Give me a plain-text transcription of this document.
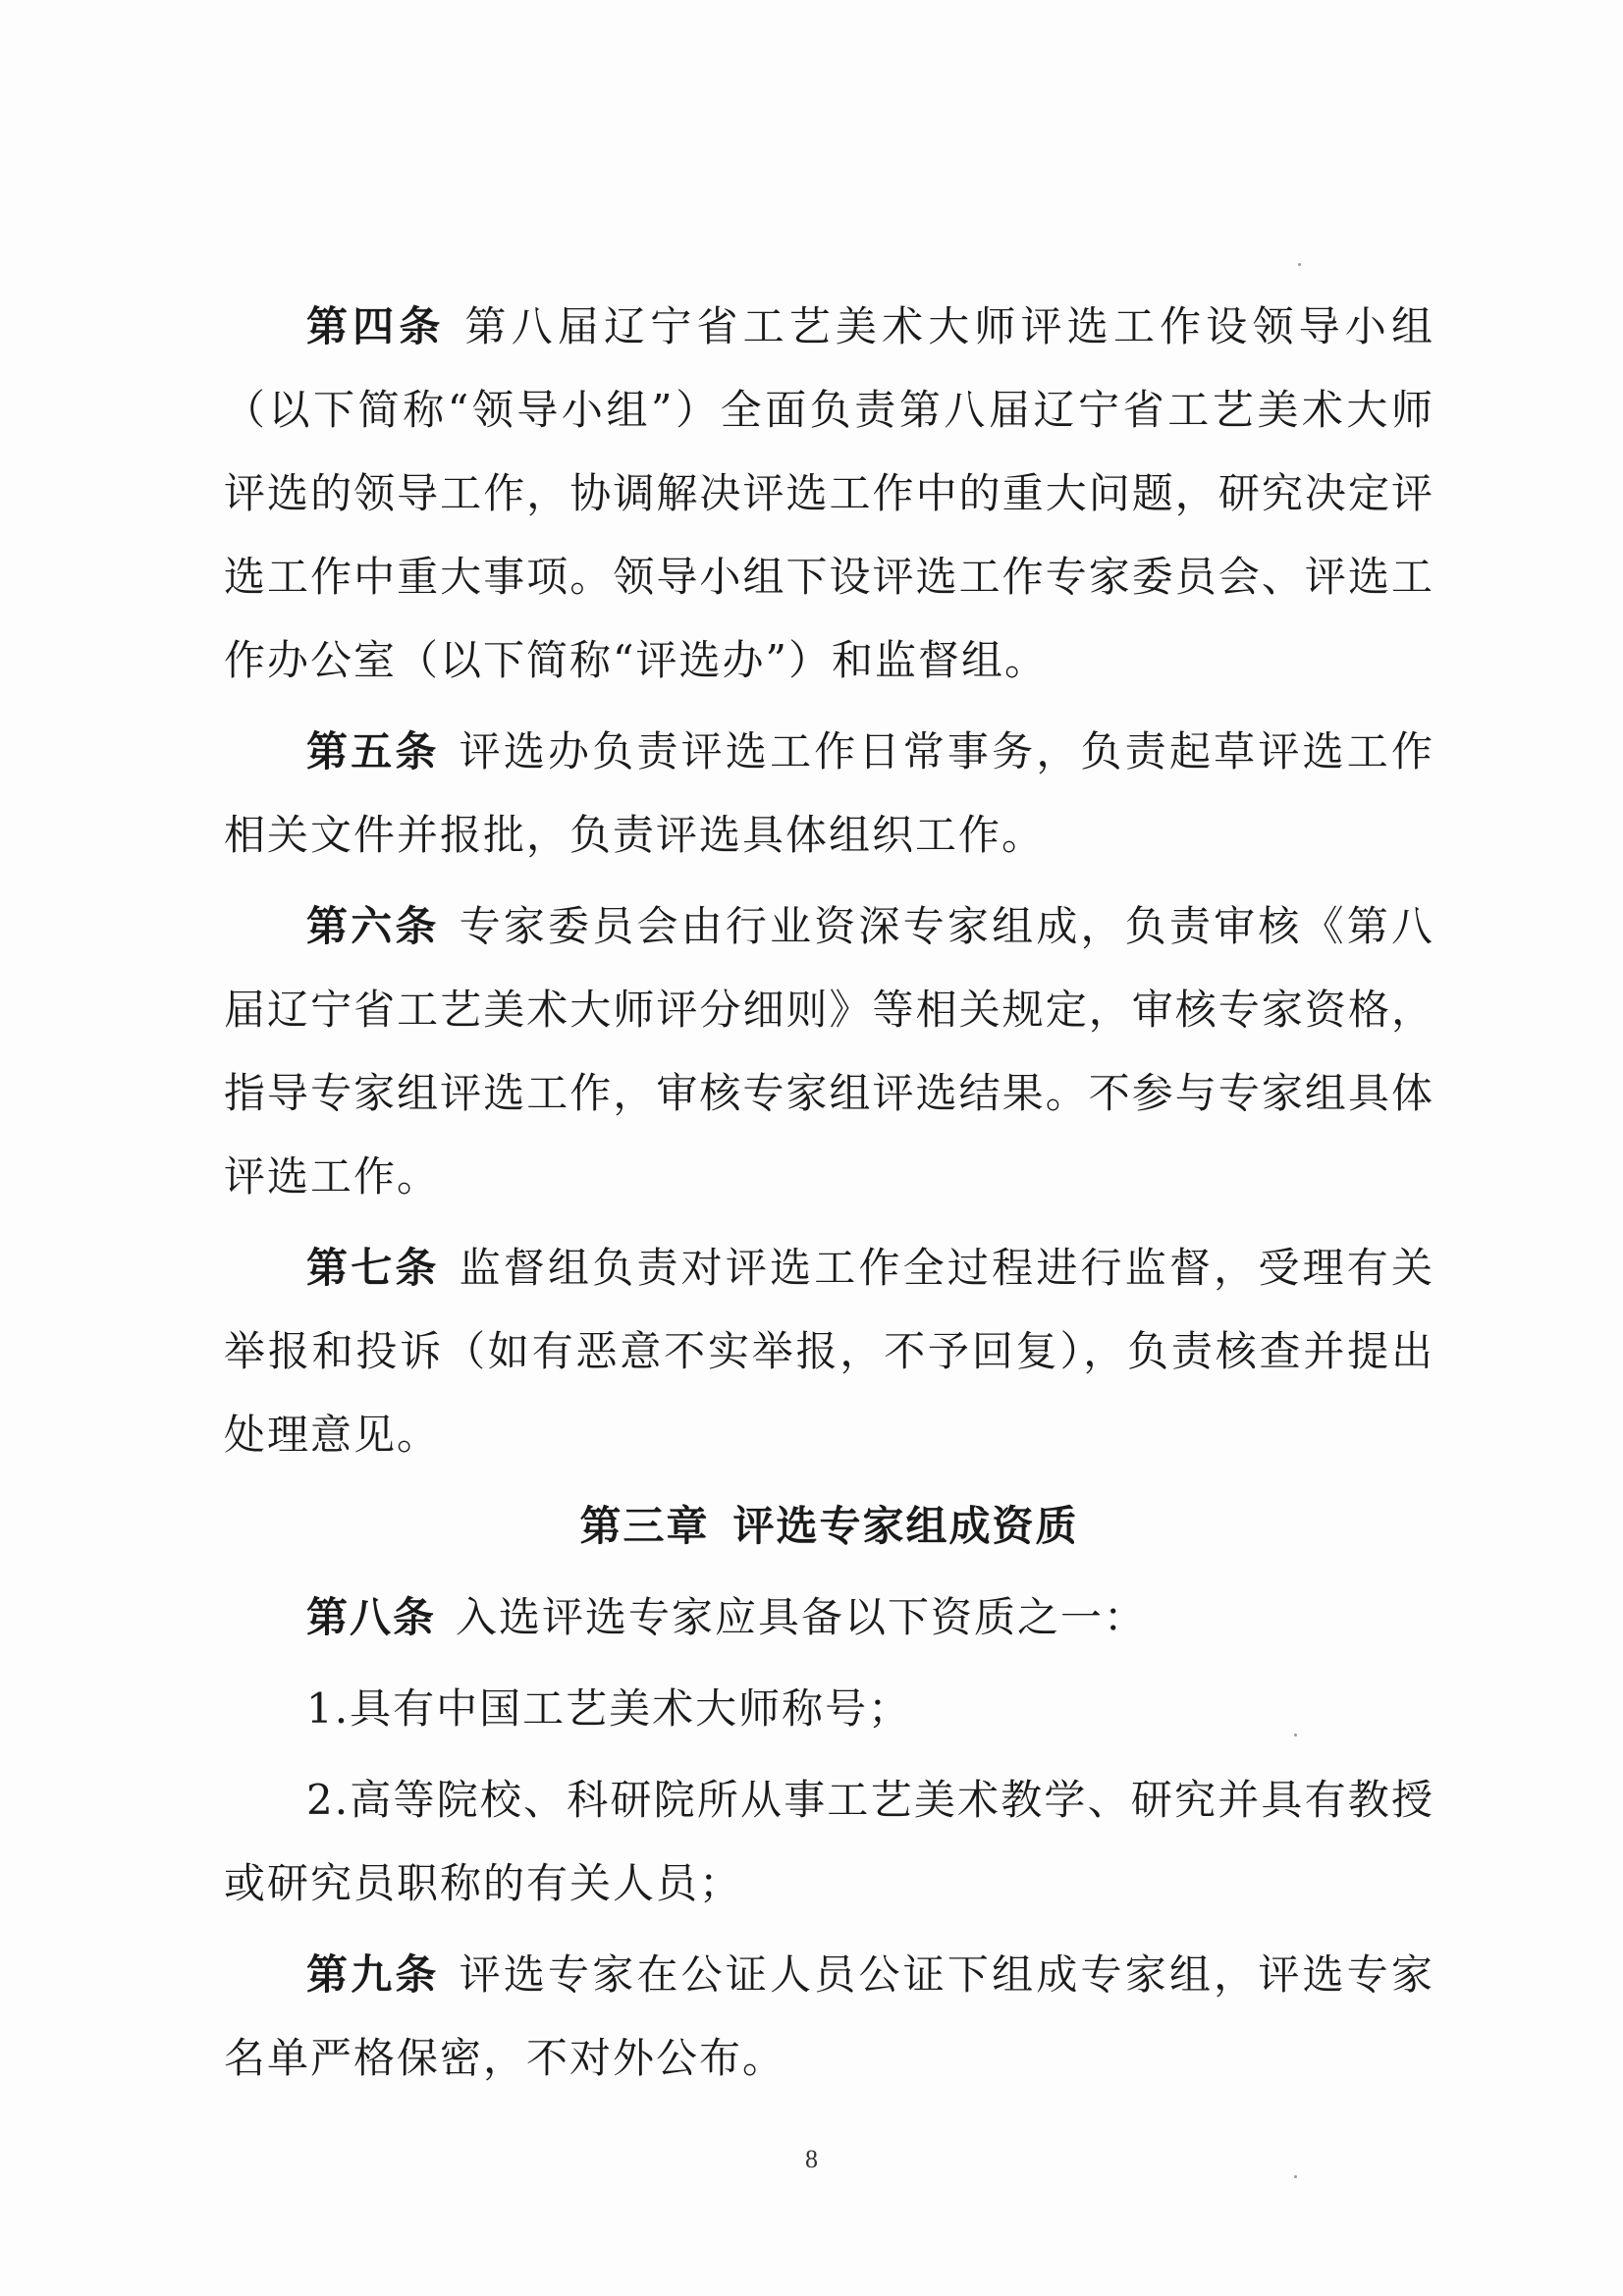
第四条 第八届辽宁省工艺美术大师评选工作设领导小组（以下简称“领导小组”）全面负责第八届辽宁省工艺美术大师评选的领导工作，协调解决评选工作中的重大问题，研究决定评选工作中重大事项。领导小组下设评选工作专家委员会、评选工作办公室（以下简称“评选办”）和监督组。

第五条 评选办负责评选工作日常事务，负责起草评选工作相关文件并报批，负责评选具体组织工作。

第六条 专家委员会由行业资深专家组成，负责审核《第八届辽宁省工艺美术大师评分细则》等相关规定，审核专家资格，指导专家组评选工作，审核专家组评选结果。不参与专家组具体评选工作。

第七条 监督组负责对评选工作全过程进行监督，受理有关举报和投诉（如有恶意不实举报，不予回复），负责核查并提出处理意见。

第三章 评选专家组成资质

第八条 入选评选专家应具备以下资质之一：

1.具有中国工艺美术大师称号；

2.高等院校、科研院所从事工艺美术教学、研究并具有教授或研究员职称的有关人员；

第九条 评选专家在公证人员公证下组成专家组，评选专家名单严格保密，不对外公布。

8
